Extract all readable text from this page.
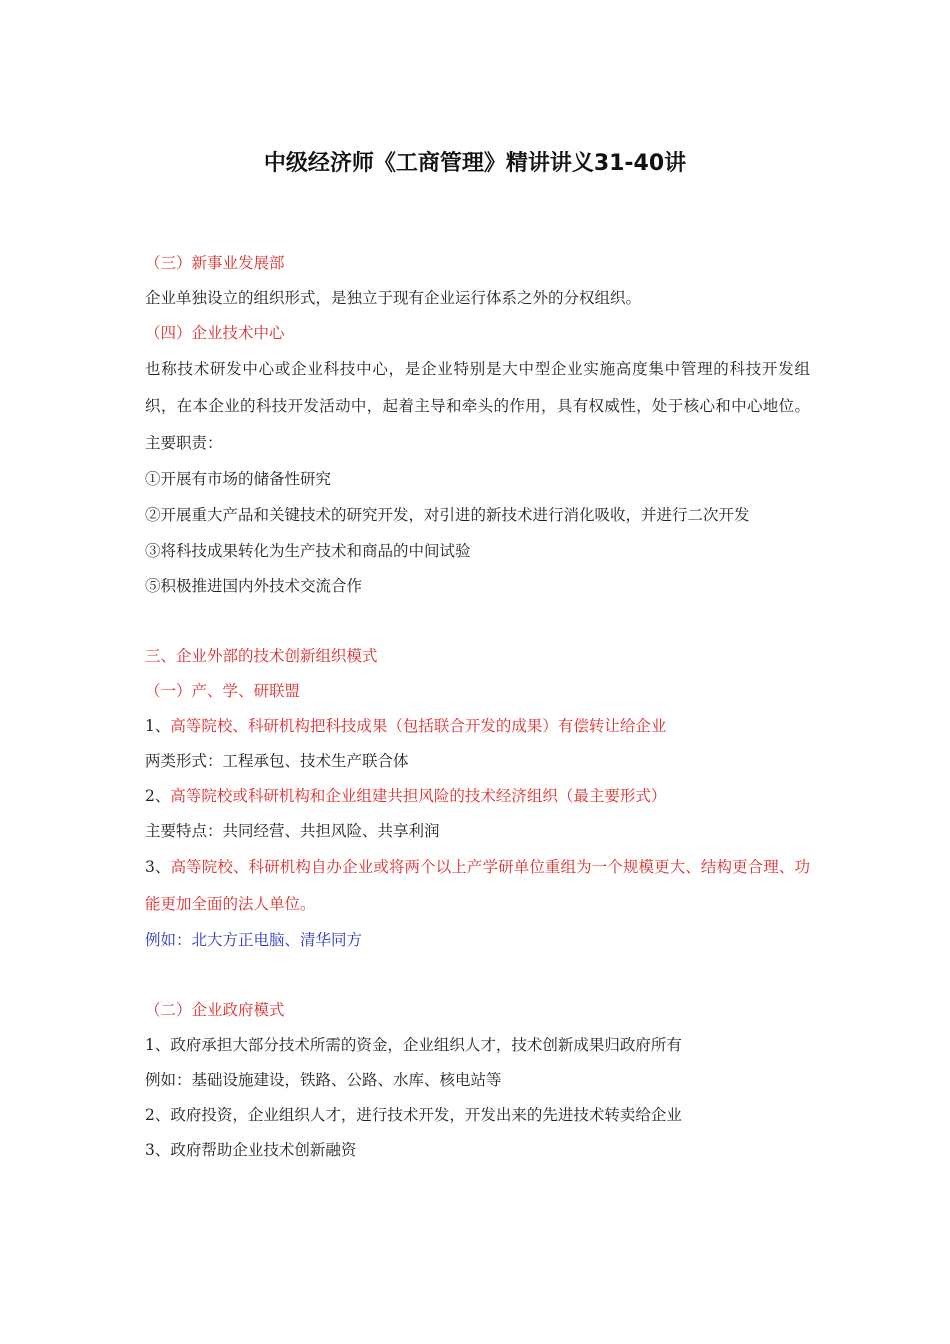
中级经济师《工商管理》精讲讲义31-40讲
（三）新事业发展部
企业单独设立的组织形式，是独立于现有企业运行体系之外的分权组织。
（四）企业技术中心
也称技术研发中心或企业科技中心，是企业特别是大中型企业实施高度集中管理的科技开发组织，在本企业的科技开发活动中，起着主导和牵头的作用，具有权威性，处于核心和中心地位。主要职责：
①开展有市场的储备性研究
②开展重大产品和关键技术的研究开发，对引进的新技术进行消化吸收，并进行二次开发
③将科技成果转化为生产技术和商品的中间试验
⑤积极推进国内外技术交流合作
三、企业外部的技术创新组织模式
（一）产、学、研联盟
1、高等院校、科研机构把科技成果（包括联合开发的成果）有偿转让给企业
两类形式：工程承包、技术生产联合体
2、高等院校或科研机构和企业组建共担风险的技术经济组织（最主要形式）
主要特点：共同经营、共担风险、共享利润
3、高等院校、科研机构自办企业或将两个以上产学研单位重组为一个规模更大、结构更合理、功能更加全面的法人单位。
例如：北大方正电脑、清华同方
（二）企业政府模式
1、政府承担大部分技术所需的资金，企业组织人才，技术创新成果归政府所有
例如：基础设施建设，铁路、公路、水库、核电站等
2、政府投资，企业组织人才，进行技术开发，开发出来的先进技术转卖给企业
3、政府帮助企业技术创新融资
